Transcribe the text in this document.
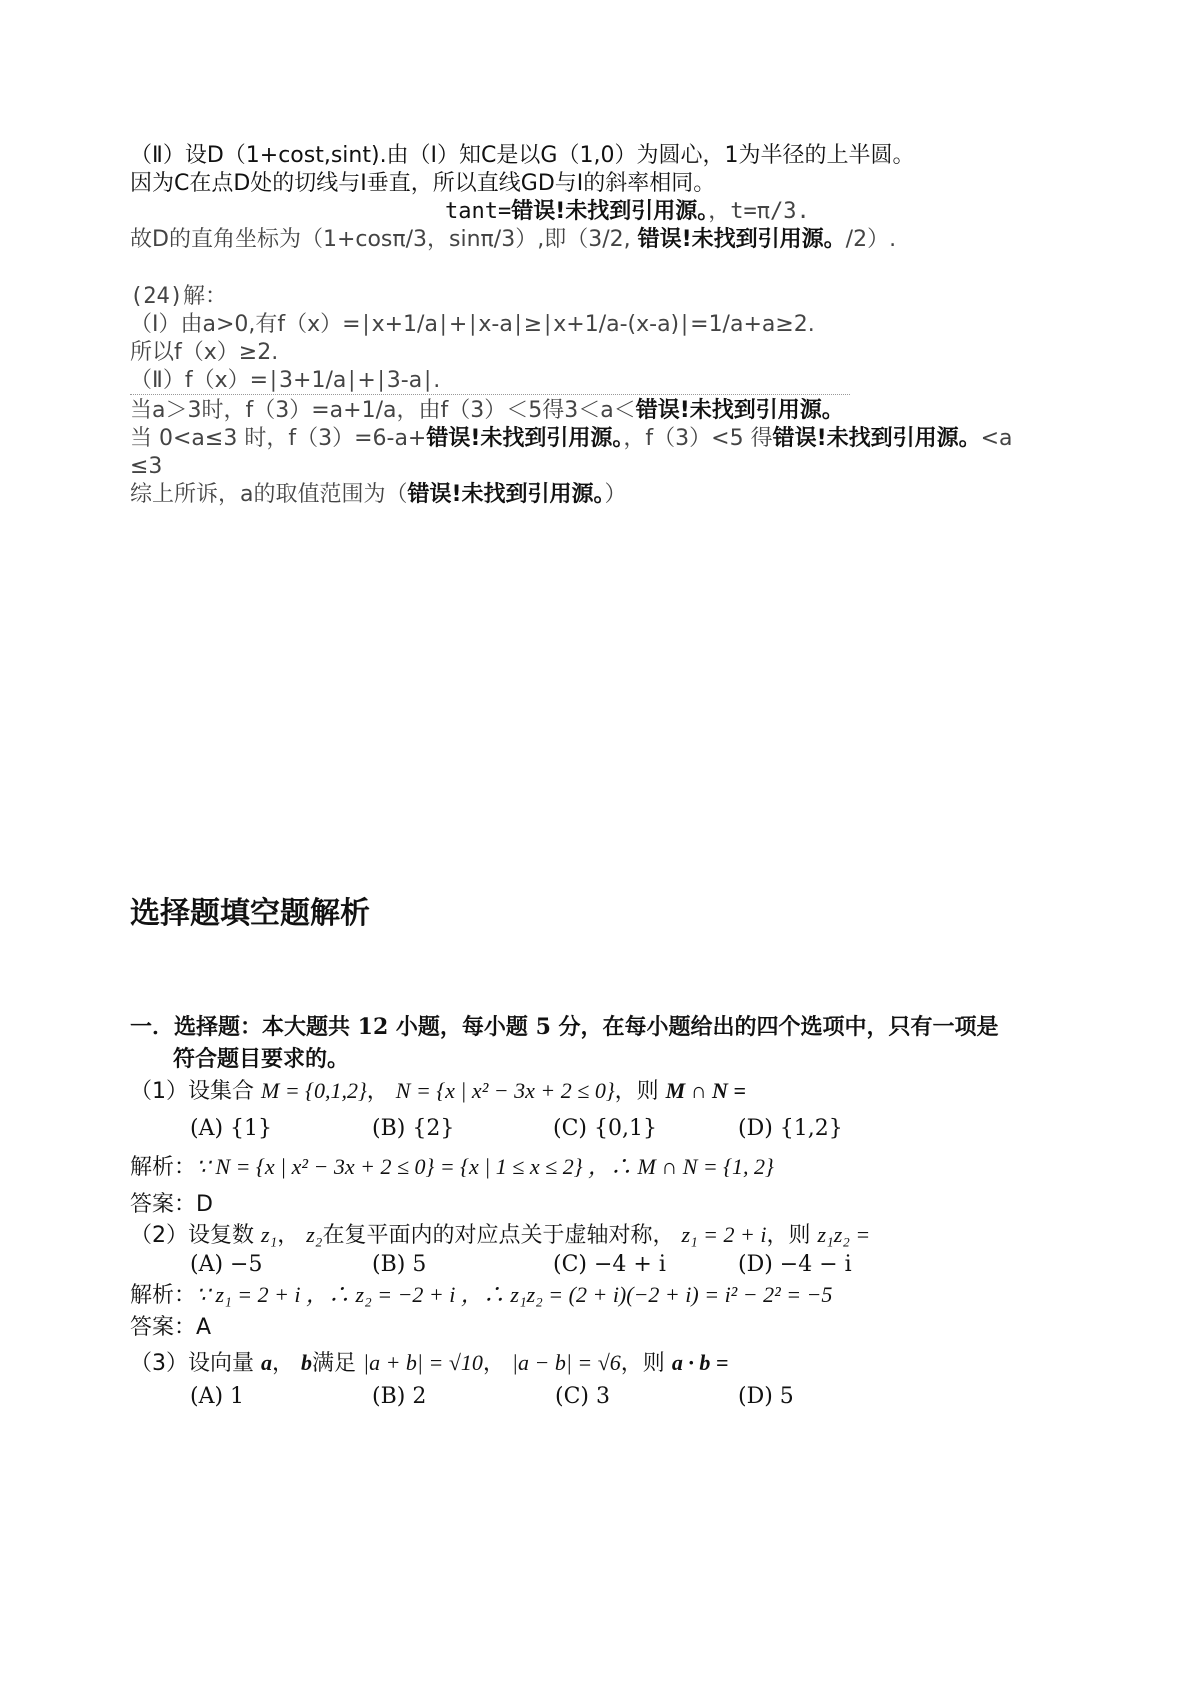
（Ⅱ）设D（1+cost,sint).由（Ⅰ）知C是以G（1,0）为圆心，1为半径的上半圆。
因为C在点D处的切线与I垂直，所以直线GD与I的斜率相同。
tant=错误!未找到引用源。，t=π/3.
故D的直角坐标为（1+cosπ/3，sinπ/3）,即（3/2, 错误!未找到引用源。/2）.
(24)解：
（Ⅰ）由a>0,有f（x）=∣x+1/a∣+∣x-a∣≥∣x+1/a-(x-a)∣=1/a+a≥2.
所以f（x）≥2.
（Ⅱ）f（x）=∣3+1/a∣+∣3-a∣.
当a＞3时，f（3）=a+1/a，由f（3）＜5得3＜a＜错误!未找到引用源。
当 0<a≤3 时，f（3）=6-a+错误!未找到引用源。，f（3）<5 得错误!未找到引用源。<a
≤3
综上所诉，a的取值范围为（错误!未找到引用源。）
选择题填空题解析
一．选择题：本大题共 12 小题，每小题 5 分，在每小题给出的四个选项中，只有一项是
符合题目要求的。
（1）设集合 M = {0,1,2}， N = {x | x² − 3x + 2 ≤ 0}，则 M ∩ N =
(A) {1}	(B) {2}	(C) {0,1}	(D) {1,2}
解析：∵ N = {x | x² − 3x + 2 ≤ 0} = {x | 1 ≤ x ≤ 2} ，∴ M ∩ N = {1, 2}
答案：D
（2）设复数 z₁， z₂在复平面内的对应点关于虚轴对称， z₁ = 2 + i，则 z₁z₂ =
(A) −5	(B) 5	(C) −4 + i	(D) −4 − i
解析：∵ z₁ = 2 + i ，∴ z₂ = −2 + i ，∴ z₁z₂ = (2 + i)(−2 + i) = i² − 2² = −5
答案：A
（3）设向量 a， b满足 |a + b| = √10， |a − b| = √6，则 a · b =
(A) 1	(B) 2	(C) 3	(D) 5
